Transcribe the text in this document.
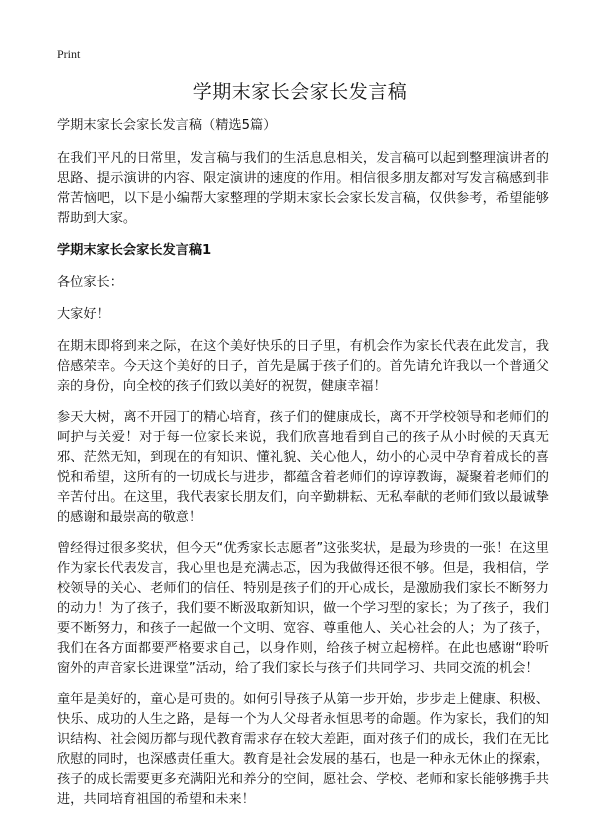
Print
学期末家长会家长发言稿

学期末家长会家长发言稿（精选5篇）

在我们平凡的日常里，发言稿与我们的生活息息相关，发言稿可以起到整理演讲者的思路、提示演讲的内容、限定演讲的速度的作用。相信很多朋友都对写发言稿感到非常苦恼吧，以下是小编帮大家整理的学期末家长会家长发言稿，仅供参考，希望能够帮助到大家。

学期末家长会家长发言稿1

各位家长：

大家好！

在期末即将到来之际，在这个美好快乐的日子里，有机会作为家长代表在此发言，我倍感荣幸。今天这个美好的日子，首先是属于孩子们的。首先请允许我以一个普通父亲的身份，向全校的孩子们致以美好的祝贺，健康幸福！

参天大树，离不开园丁的精心培育，孩子们的健康成长，离不开学校领导和老师们的呵护与关爱！对于每一位家长来说，我们欣喜地看到自己的孩子从小时候的天真无邪、茫然无知，到现在的有知识、懂礼貌、关心他人，幼小的心灵中孕育着成长的喜悦和希望，这所有的一切成长与进步，都蕴含着老师们的谆谆教诲，凝聚着老师们的辛苦付出。在这里，我代表家长朋友们，向辛勤耕耘、无私奉献的老师们致以最诚挚的感谢和最崇高的敬意！

曾经得过很多奖状，但今天“优秀家长志愿者”这张奖状，是最为珍贵的一张！在这里作为家长代表发言，我心里也是充满忐忑，因为我做得还很不够。但是，我相信，学校领导的关心、老师们的信任、特别是孩子们的开心成长，是激励我们家长不断努力的动力！为了孩子，我们要不断汲取新知识，做一个学习型的家长；为了孩子，我们要不断努力，和孩子一起做一个文明、宽容、尊重他人、关心社会的人；为了孩子，我们在各方面都要严格要求自己，以身作则，给孩子树立起榜样。在此也感谢“聆听窗外的声音家长进课堂”活动，给了我们家长与孩子们共同学习、共同交流的机会！

童年是美好的，童心是可贵的。如何引导孩子从第一步开始，步步走上健康、积极、快乐、成功的人生之路，是每一个为人父母者永恒思考的命题。作为家长，我们的知识结构、社会阅历都与现代教育需求存在较大差距，面对孩子们的成长，我们在无比欣慰的同时，也深感责任重大。教育是社会发展的基石，也是一种永无休止的探索，孩子的成长需要更多充满阳光和养分的空间，愿社会、学校、老师和家长能够携手共进，共同培育祖国的希望和未来！
